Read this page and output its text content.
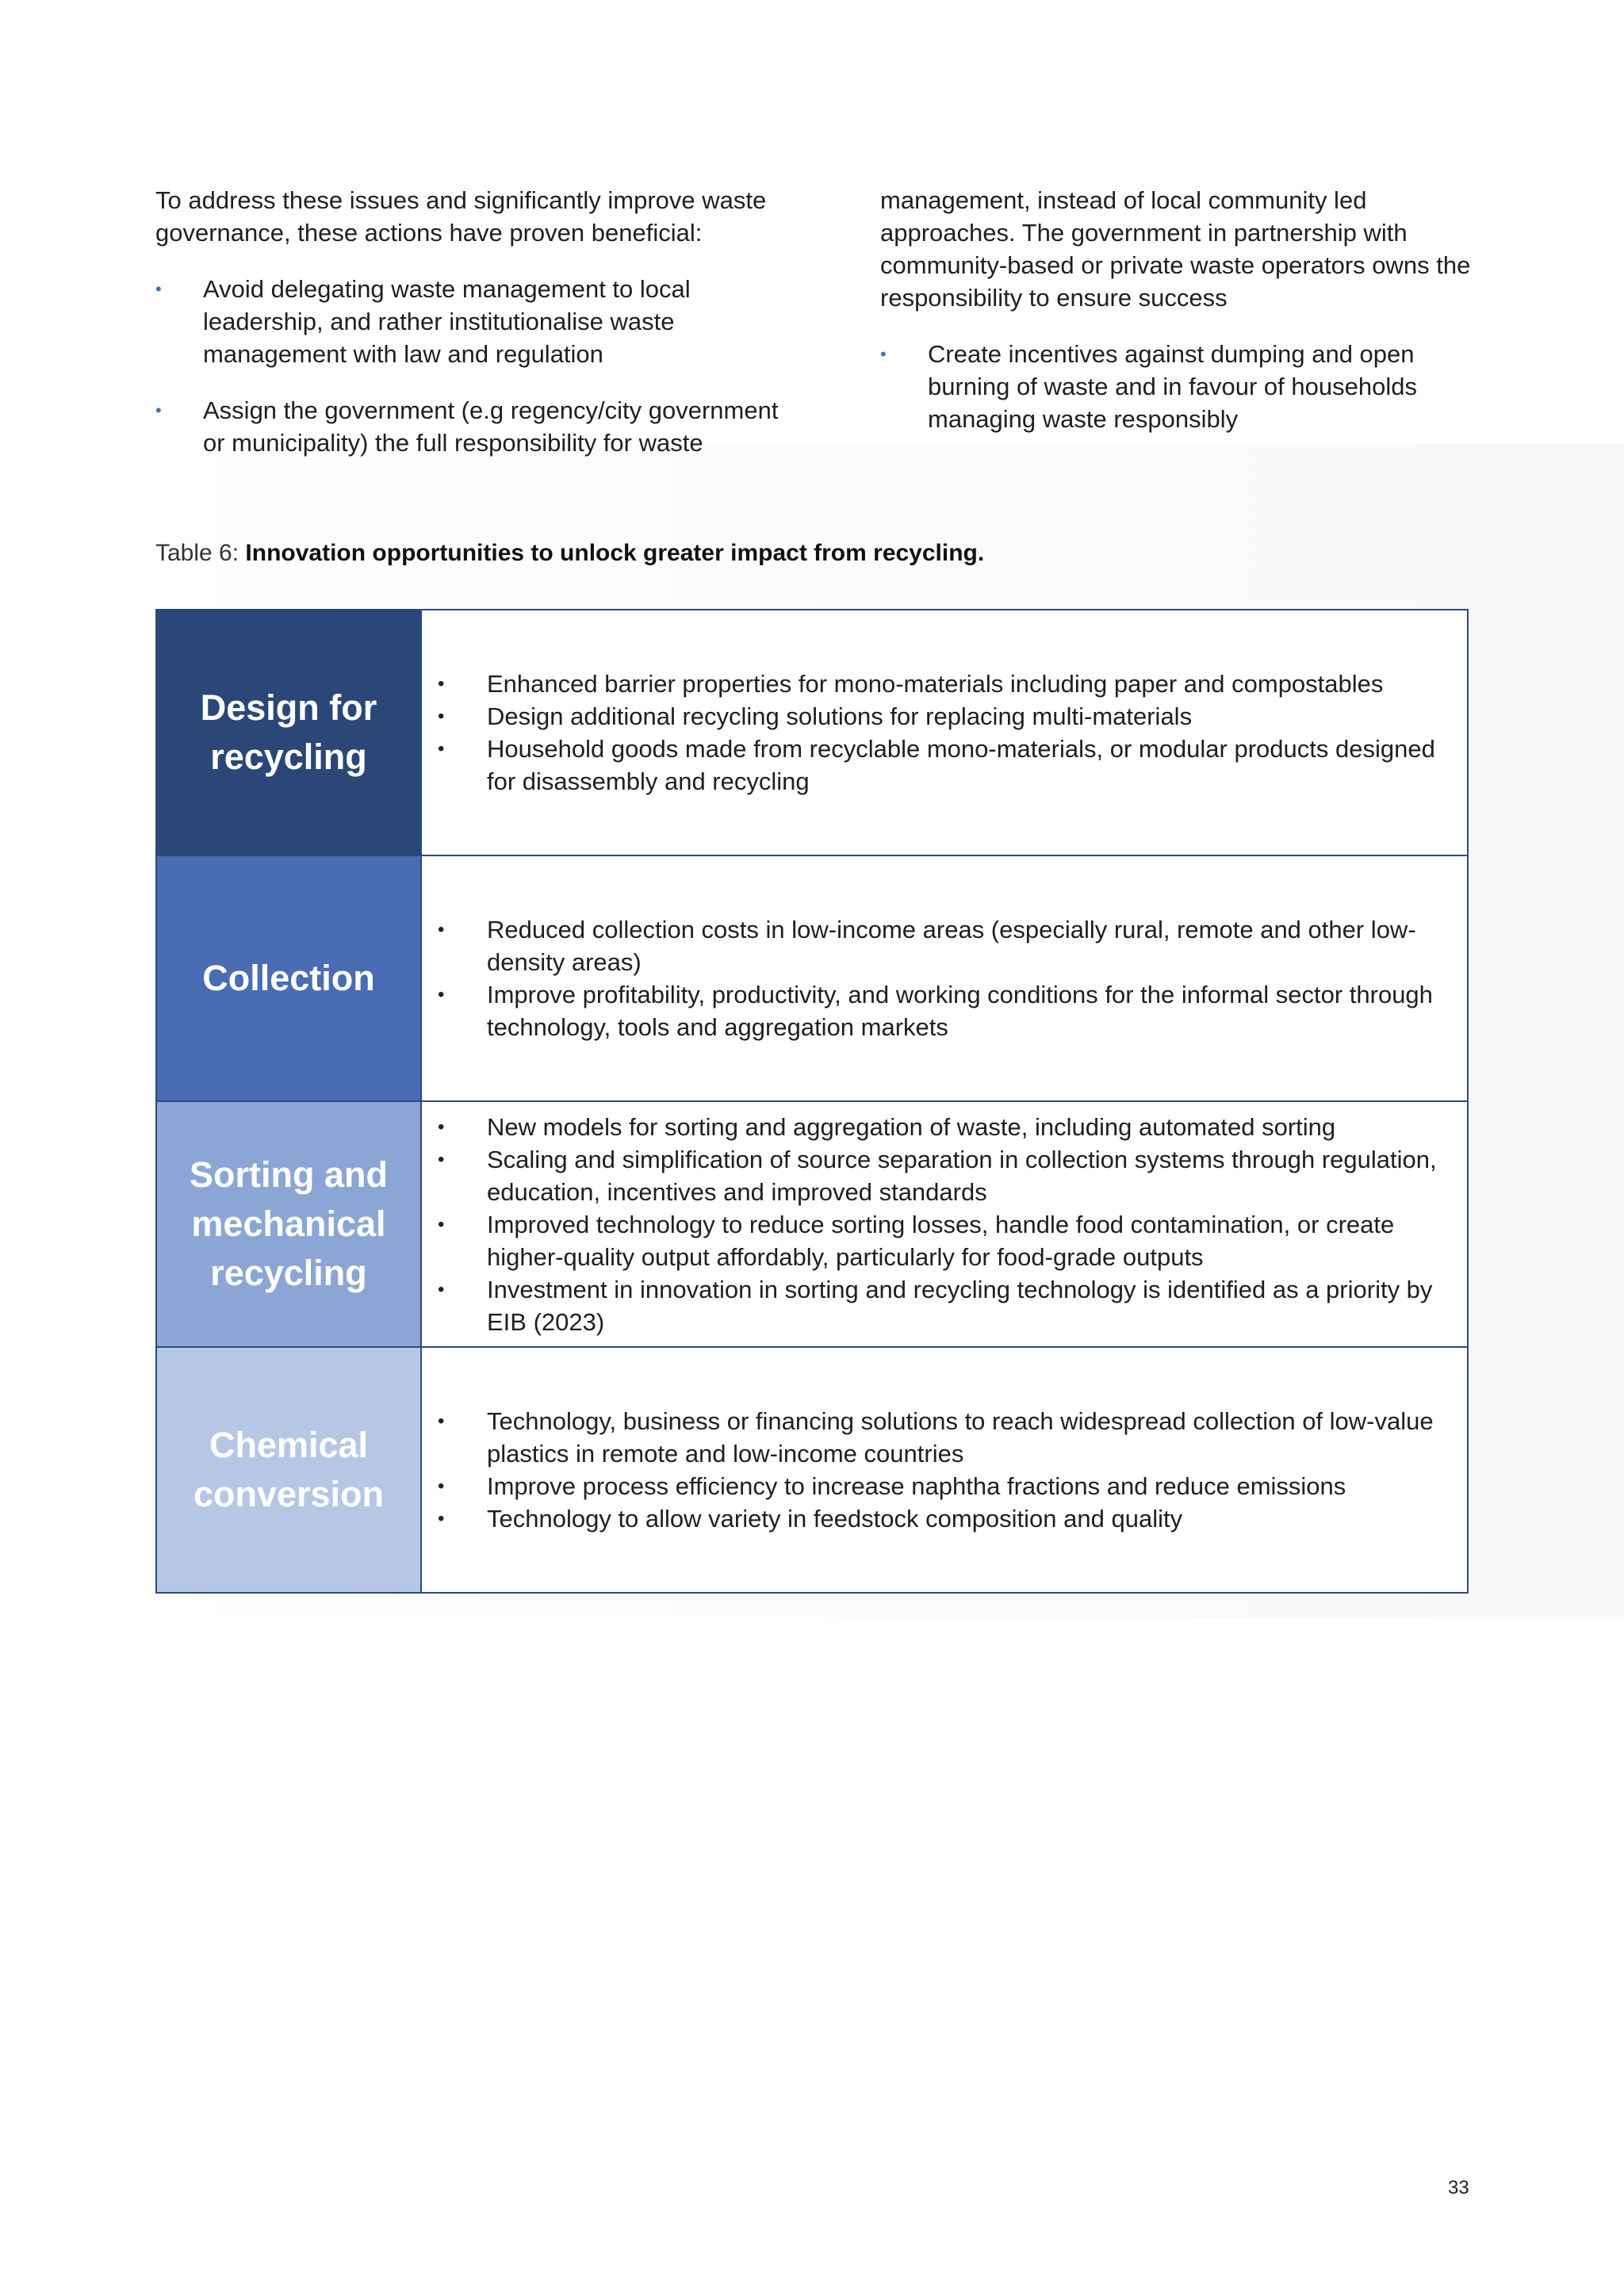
To address these issues and significantly improve waste governance, these actions have proven beneficial:

• Avoid delegating waste management to local leadership, and rather institutionalise waste management with law and regulation
• Assign the government (e.g regency/city government or municipality) the full responsibility for waste

management, instead of local community led approaches. The government in partnership with community-based or private waste operators owns the responsibility to ensure success

• Create incentives against dumping and open burning of waste and in favour of households managing waste responsibly
Table 6: Innovation opportunities to unlock greater impact from recycling.
Design for recycling
• Enhanced barrier properties for mono-materials including paper and compostables
• Design additional recycling solutions for replacing multi-materials
• Household goods made from recyclable mono-materials, or modular products designed for disassembly and recycling
Collection
• Reduced collection costs in low-income areas (especially rural, remote and other low-density areas)
• Improve profitability, productivity, and working conditions for the informal sector through technology, tools and aggregation markets
Sorting and mechanical recycling
• New models for sorting and aggregation of waste, including automated sorting
• Scaling and simplification of source separation in collection systems through regulation, education, incentives and improved standards
• Improved technology to reduce sorting losses, handle food contamination, or create higher-quality output affordably, particularly for food-grade outputs
• Investment in innovation in sorting and recycling technology is identified as a priority by EIB (2023)
Chemical conversion
• Technology, business or financing solutions to reach widespread collection of low-value plastics in remote and low-income countries
• Improve process efficiency to increase naphtha fractions and reduce emissions
• Technology to allow variety in feedstock composition and quality
33
